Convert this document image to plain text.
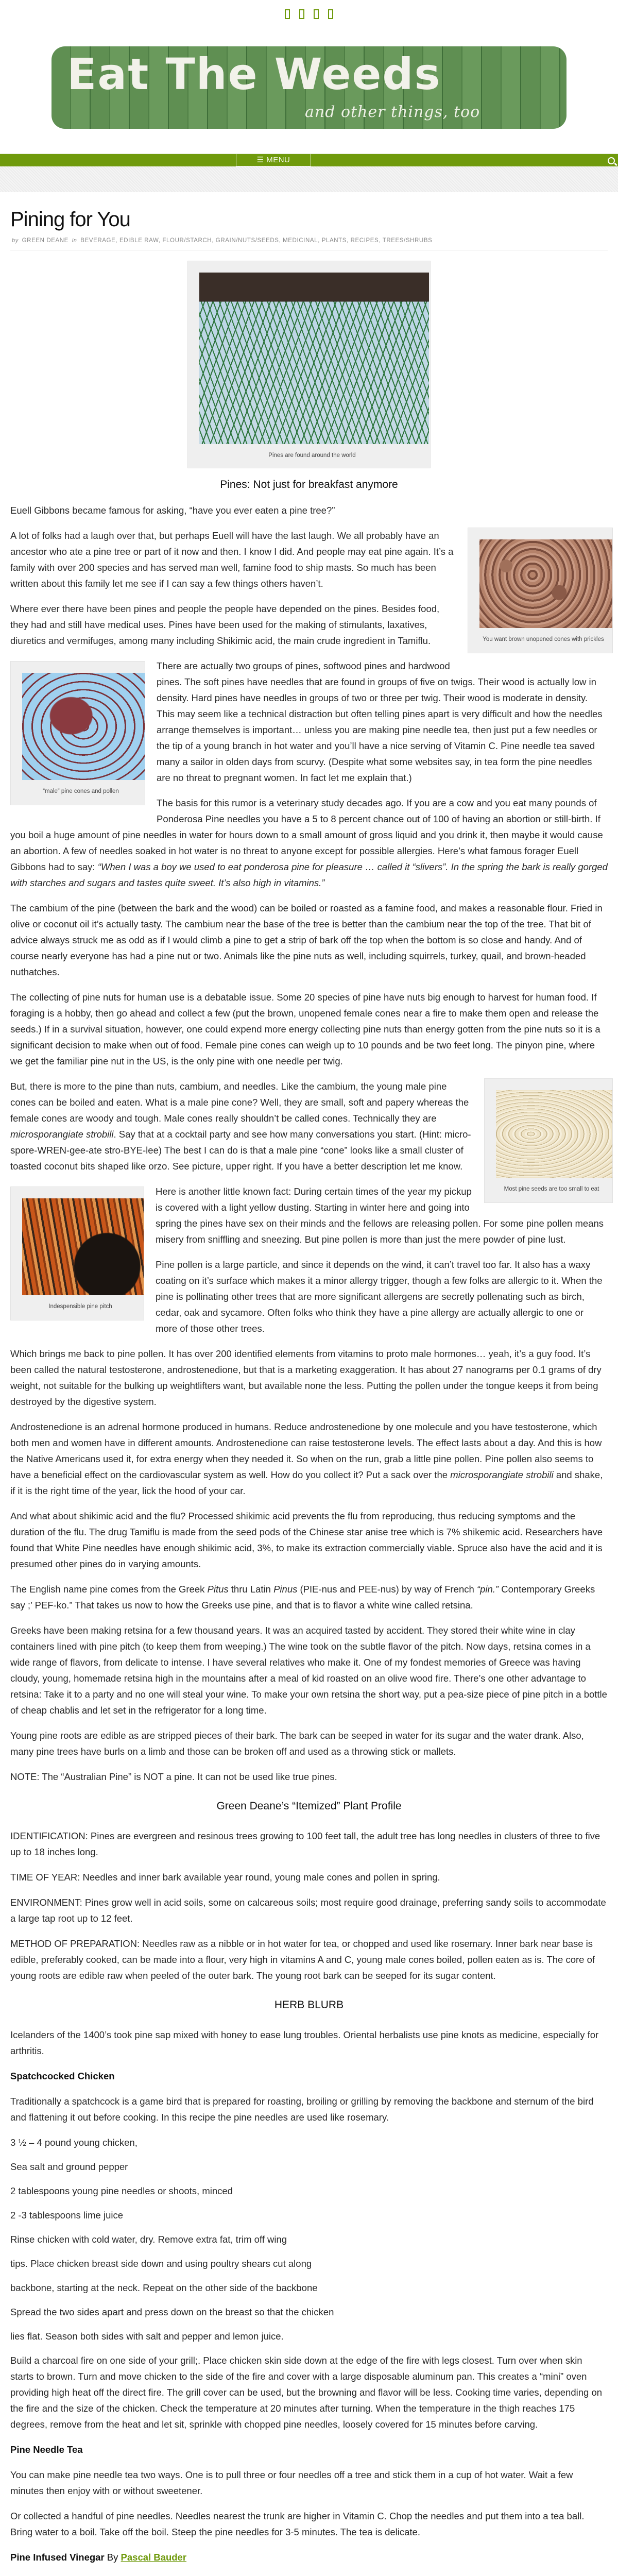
Eat The Weeds
and other things, too
☰ MENU
Pining for You
by GREEN DEANE in BEVERAGE, EDIBLE RAW, FLOUR/STARCH, GRAIN/NUTS/SEEDS, MEDICINAL, PLANTS, RECIPES, TREES/SHRUBS
Pines are found around the world
Pines: Not just for breakfast anymore

Euell Gibbons became famous for asking, “have you ever eaten a pine tree?”

You want brown unopened cones with prickles

A lot of folks had a laugh over that, but perhaps Euell will have the last laugh. We all probably have an ancestor who ate a pine tree or part of it now and then. I know I did. And people may eat pine again. It’s a family with over 200 species and has served man well, famine food to ship masts. So much has been written about this family let me see if I can say a few things others haven’t.

Where ever there have been pines and people the people have depended on the pines. Besides food, they had and still have medical uses. Pines have been used for the making of stimulants, laxatives, diuretics and vermifuges, among many including Shikimic acid, the main crude ingredient in Tamiflu.

“male” pine cones and pollen

There are actually two groups of pines, softwood pines and hardwood pines. The soft pines have needles that are found in groups of five on twigs. Their wood is actually low in density. Hard pines have needles in groups of two or three per twig. Their wood is moderate in density. This may seem like a technical distraction but often telling pines apart is very difficult and how the needles arrange themselves is important… unless you are making pine needle tea, then just put a few needles or the tip of a young branch in hot water and you’ll have a nice serving of Vitamin C. Pine needle tea saved many a sailor in olden days from scurvy. (Despite what some websites say, in tea form the pine needles are no threat to pregnant women. In fact let me explain that.)

The basis for this rumor is a veterinary study decades ago. If you are a cow and you eat many pounds of Ponderosa Pine needles you have a 5 to 8 percent chance out of 100 of having an abortion or still-birth. If you boil a huge amount of pine needles in water for hours down to a small amount of gross liquid and you drink it, then maybe it would cause an abortion. A few of needles soaked in hot water is no threat to anyone except for possible allergies. Here’s what famous forager Euell Gibbons had to say: “When I was a boy we used to eat ponderosa pine for pleasure … called it “slivers”. In the spring the bark is really gorged with starches and sugars and tastes quite sweet. It’s also high in vitamins.”

The cambium of the pine (between the bark and the wood) can be boiled or roasted as a famine food, and makes a reasonable flour. Fried in olive or coconut oil it’s actually tasty. The cambium near the base of the tree is better than the cambium near the top of the tree. That bit of advice always struck me as odd as if I would climb a pine to get a strip of bark off the top when the bottom is so close and handy. And of course nearly everyone has had a pine nut or two. Animals like the pine nuts as well, including squirrels, turkey, quail, and brown-headed nuthatches.

The collecting of pine nuts for human use is a debatable issue. Some 20 species of pine have nuts big enough to harvest for human food. If foraging is a hobby, then go ahead and collect a few (put the brown, unopened female cones near a fire to make them open and release the seeds.) If in a survival situation, however, one could expend more energy collecting pine nuts than energy gotten from the pine nuts so it is a significant decision to make when out of food. Female pine cones can weigh up to 10 pounds and be two feet long. The pinyon pine, where we get the familiar pine nut in the US, is the only pine with one needle per twig.

Most pine seeds are too small to eat

But, there is more to the pine than nuts, cambium, and needles. Like the cambium, the young male pine cones can be boiled and eaten. What is a male pine cone? Well, they are small, soft and papery whereas the female cones are woody and tough. Male cones really shouldn’t be called cones. Technically they are microsporangiate strobili. Say that at a cocktail party and see how many conversations you start. (Hint: micro-spore-WREN-gee-ate stro-BYE-lee) The best I can do is that a male pine “cone” looks like a small cluster of toasted coconut bits shaped like orzo. See picture, upper right. If you have a better description let me know.

Indespensible pine pitch

Here is another little known fact: During certain times of the year my pickup is covered with a light yellow dusting. Starting in winter here and going into spring the pines have sex on their minds and the fellows are releasing pollen. For some pine pollen means misery from sniffling and sneezing. But pine pollen is more than just the mere powder of pine lust.

Pine pollen is a large particle, and since it depends on the wind, it can’t travel too far. It also has a waxy coating on it’s surface which makes it a minor allergy trigger, though a few folks are allergic to it. When the pine is pollinating other trees that are more significant allergens are secretly pollenating such as birch, cedar, oak and sycamore. Often folks who think they have a pine allergy are actually allergic to one or more of those other trees.

Which brings me back to pine pollen. It has over 200 identified elements from vitamins to proto male hormones… yeah, it’s a guy food. It’s been called the natural testosterone, androstenedione, but that is a marketing exaggeration. It has about 27 nanograms per 0.1 grams of dry weight, not suitable for the bulking up weightlifters want, but available none the less. Putting the pollen under the tongue keeps it from being destroyed by the digestive system.

Androstenedione is an adrenal hormone produced in humans. Reduce androstenedione by one molecule and you have testosterone, which both men and women have in different amounts. Androstenedione can raise testosterone levels. The effect lasts about a day. And this is how the Native Americans used it, for extra energy when they needed it. So when on the run, grab a little pine pollen. Pine pollen also seems to have a beneficial effect on the cardiovascular system as well. How do you collect it? Put a sack over the microsporangiate strobili and shake, if it is the right time of the year, lick the hood of your car.

And what about shikimic acid and the flu? Processed shikimic acid prevents the flu from reproducing, thus reducing symptoms and the duration of the flu. The drug Tamiflu is made from the seed pods of the Chinese star anise tree which is 7% shikemic acid. Researchers have found that White Pine needles have enough shikimic acid, 3%, to make its extraction commercially viable. Spruce also have the acid and it is presumed other pines do in varying amounts.

The English name pine comes from the Greek Pitus thru Latin Pinus (PIE-nus and PEE-nus) by way of French “pin.” Contemporary Greeks say ;’ PEF-ko.” That takes us now to how the Greeks use pine, and that is to flavor a white wine called retsina.

Greeks have been making retsina for a few thousand years. It was an acquired tasted by accident. They stored their white wine in clay containers lined with pine pitch (to keep them from weeping.) The wine took on the subtle flavor of the pitch. Now days, retsina comes in a wide range of flavors, from delicate to intense. I have several relatives who make it. One of my fondest memories of Greece was having cloudy, young, homemade retsina high in the mountains after a meal of kid roasted on an olive wood fire. There’s one other advantage to retsina: Take it to a party and no one will steal your wine. To make your own retsina the short way, put a pea-size piece of pine pitch in a bottle of cheap chablis and let set in the refrigerator for a long time.

Young pine roots are edible as are stripped pieces of their bark. The bark can be seeped in water for its sugar and the water drank. Also, many pine trees have burls on a limb and those can be broken off and used as a throwing stick or mallets.

NOTE: The “Australian Pine” is NOT a pine. It can not be used like true pines.

Green Deane’s “Itemized” Plant Profile

IDENTIFICATION: Pines are evergreen and resinous trees growing to 100 feet tall, the adult tree has long needles in clusters of three to five up to 18 inches long.

TIME OF YEAR: Needles and inner bark available year round, young male cones and pollen in spring.

ENVIRONMENT: Pines grow well in acid soils, some on calcareous soils; most require good drainage, preferring sandy soils to accommodate a large tap root up to 12 feet.

METHOD OF PREPARATION: Needles raw as a nibble or in hot water for tea, or chopped and used like rosemary. Inner bark near base is edible, preferably cooked, can be made into a flour, very high in vitamins A and C, young male cones boiled, pollen eaten as is. The core of young roots are edible raw when peeled of the outer bark. The young root bark can be seeped for its sugar content.

HERB BLURB

Icelanders of the 1400’s took pine sap mixed with honey to ease lung troubles. Oriental herbalists use pine knots as medicine, especially for arthritis.

Spatchcocked Chicken

Traditionally a spatchcock is a game bird that is prepared for roasting, broiling or grilling by removing the backbone and sternum of the bird and flattening it out before cooking. In this recipe the pine needles are used like rosemary.

3 ½ – 4 pound young chicken,

Sea salt and ground pepper

2 tablespoons young pine needles or shoots, minced

2 -3 tablespoons lime juice

Rinse chicken with cold water, dry. Remove extra fat, trim off wing

tips. Place chicken breast side down and using poultry shears cut along

backbone, starting at the neck. Repeat on the other side of the backbone

Spread the two sides apart and press down on the breast so that the chicken

lies flat. Season both sides with salt and pepper and lemon juice.

Build a charcoal fire on one side of your grill;. Place chicken skin side down at the edge of the fire with legs closest. Turn over when skin starts to brown. Turn and move chicken to the side of the fire and cover with a large disposable aluminum pan. This creates a “mini” oven providing high heat off the direct fire. The grill cover can be used, but the browning and flavor will be less. Cooking time varies, depending on the fire and the size of the chicken. Check the temperature at 20 minutes after turning. When the temperature in the thigh reaches 175 degrees, remove from the heat and let sit, sprinkle with chopped pine needles, loosely covered for 15 minutes before carving.

Pine Needle Tea

You can make pine needle tea two ways. One is to pull three or four needles off a tree and stick them in a cup of hot water. Wait a few minutes then enjoy with or without sweetener.

Or collected a handful of pine needles. Needles nearest the trunk are higher in Vitamin C. Chop the needles and put them into a tea ball. Bring water to a boil. Take off the boil. Steep the pine needles for 3-5 minutes. The tea is delicate.

Pine Infused Vinegar By Pascal Bauder
